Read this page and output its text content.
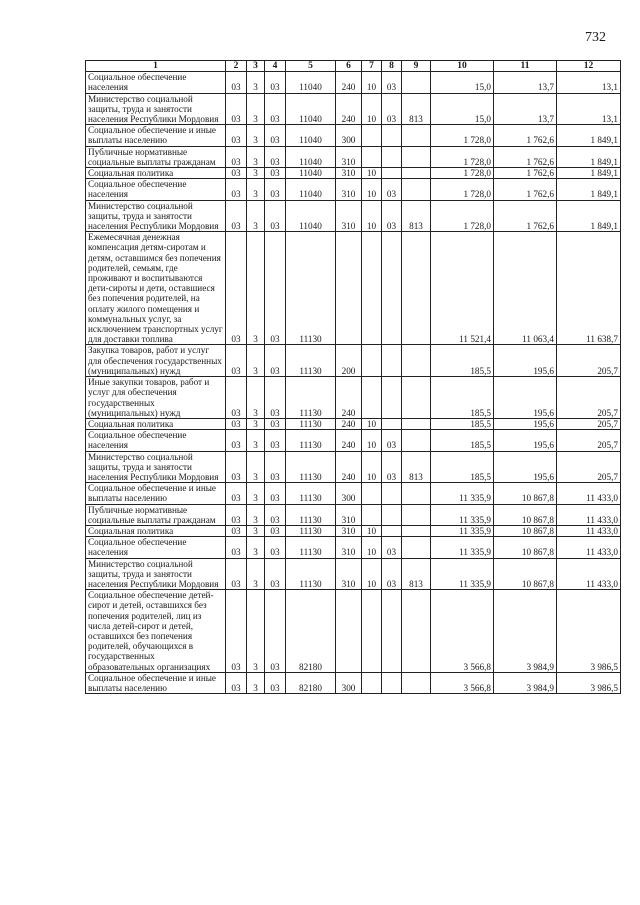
732
1	2	3	4	5	6	7	8	9	10	11	12
Социальное обеспечение населения	03	3	03	11040	240	10	03		15,0	13,7	13,1
Министерство социальной защиты, труда и занятости населения Республики Мордовия	03	3	03	11040	240	10	03	813	15,0	13,7	13,1
Социальное обеспечение и иные выплаты населению	03	3	03	11040	300				1 728,0	1 762,6	1 849,1
Публичные нормативные социальные выплаты гражданам	03	3	03	11040	310				1 728,0	1 762,6	1 849,1
Социальная политика	03	3	03	11040	310	10			1 728,0	1 762,6	1 849,1
Социальное обеспечение населения	03	3	03	11040	310	10	03		1 728,0	1 762,6	1 849,1
Министерство социальной защиты, труда и занятости населения Республики Мордовия	03	3	03	11040	310	10	03	813	1 728,0	1 762,6	1 849,1
Ежемесячная денежная компенсация детям-сиротам и детям, оставшимся без попечения родителей, семьям, где проживают и воспитываются дети-сироты и дети, оставшиеся без попечения родителей, на оплату жилого помещения и коммунальных услуг, за исключением транспортных услуг для доставки топлива	03	3	03	11130					11 521,4	11 063,4	11 638,7
Закупка товаров, работ и услуг для обеспечения государственных (муниципальных) нужд	03	3	03	11130	200				185,5	195,6	205,7
Иные закупки товаров, работ и услуг для обеспечения государственных (муниципальных) нужд	03	3	03	11130	240				185,5	195,6	205,7
Социальная политика	03	3	03	11130	240	10			185,5	195,6	205,7
Социальное обеспечение населения	03	3	03	11130	240	10	03		185,5	195,6	205,7
Министерство социальной защиты, труда и занятости населения Республики Мордовия	03	3	03	11130	240	10	03	813	185,5	195,6	205,7
Социальное обеспечение и иные выплаты населению	03	3	03	11130	300				11 335,9	10 867,8	11 433,0
Публичные нормативные социальные выплаты гражданам	03	3	03	11130	310				11 335,9	10 867,8	11 433,0
Социальная политика	03	3	03	11130	310	10			11 335,9	10 867,8	11 433,0
Социальное обеспечение населения	03	3	03	11130	310	10	03		11 335,9	10 867,8	11 433,0
Министерство социальной защиты, труда и занятости населения Республики Мордовия	03	3	03	11130	310	10	03	813	11 335,9	10 867,8	11 433,0
Социальное обеспечение детей-сирот и детей, оставшихся без попечения родителей, лиц из числа детей-сирот и детей, оставшихся без попечения родителей, обучающихся в государственных образовательных организациях	03	3	03	82180					3 566,8	3 984,9	3 986,5
Социальное обеспечение и иные выплаты населению	03	3	03	82180	300				3 566,8	3 984,9	3 986,5
